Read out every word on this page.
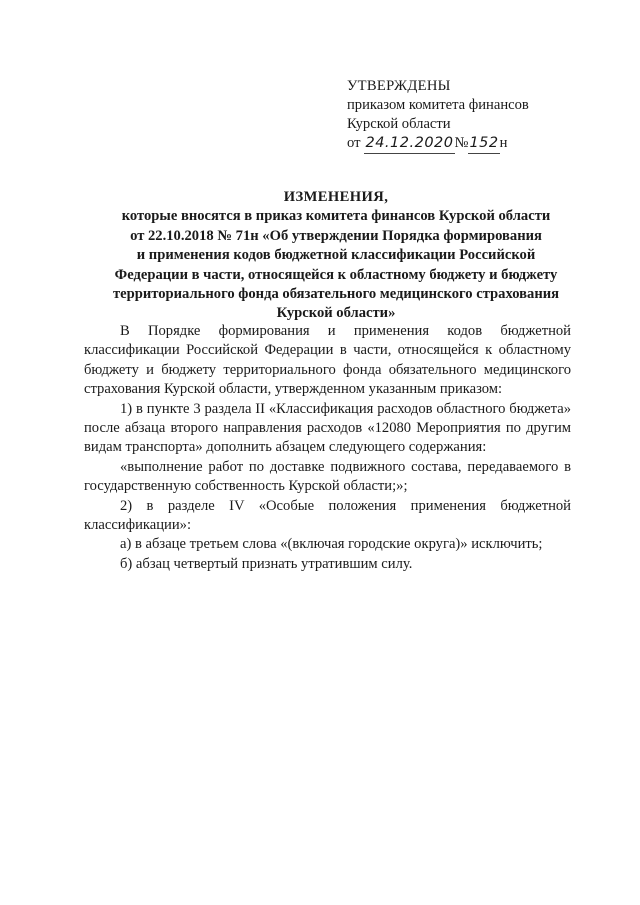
УТВЕРЖДЕНЫ
приказом комитета финансов
Курской области
от 24.12.2020№152н
ИЗМЕНЕНИЯ,
которые вносятся в приказ комитета финансов Курской области
от 22.10.2018 № 71н «Об утверждении Порядка формирования
и применения кодов бюджетной классификации Российской
Федерации в части, относящейся к областному бюджету и бюджету
территориального фонда обязательного медицинского страхования
Курской области»

В Порядке формирования и применения кодов бюджетной классификации Российской Федерации в части, относящейся к областному бюджету и бюджету территориального фонда обязательного медицинского страхования Курской области, утвержденном указанным приказом:

1) в пункте 3 раздела II «Классификация расходов областного бюджета» после абзаца второго направления расходов «12080 Мероприятия по другим видам транспорта» дополнить абзацем следующего содержания:

«выполнение работ по доставке подвижного состава, передаваемого в государственную собственность Курской области;»;

2) в разделе IV «Особые положения применения бюджетной классификации»:

а) в абзаце третьем слова «(включая городские округа)» исключить;

б) абзац четвертый признать утратившим силу.
